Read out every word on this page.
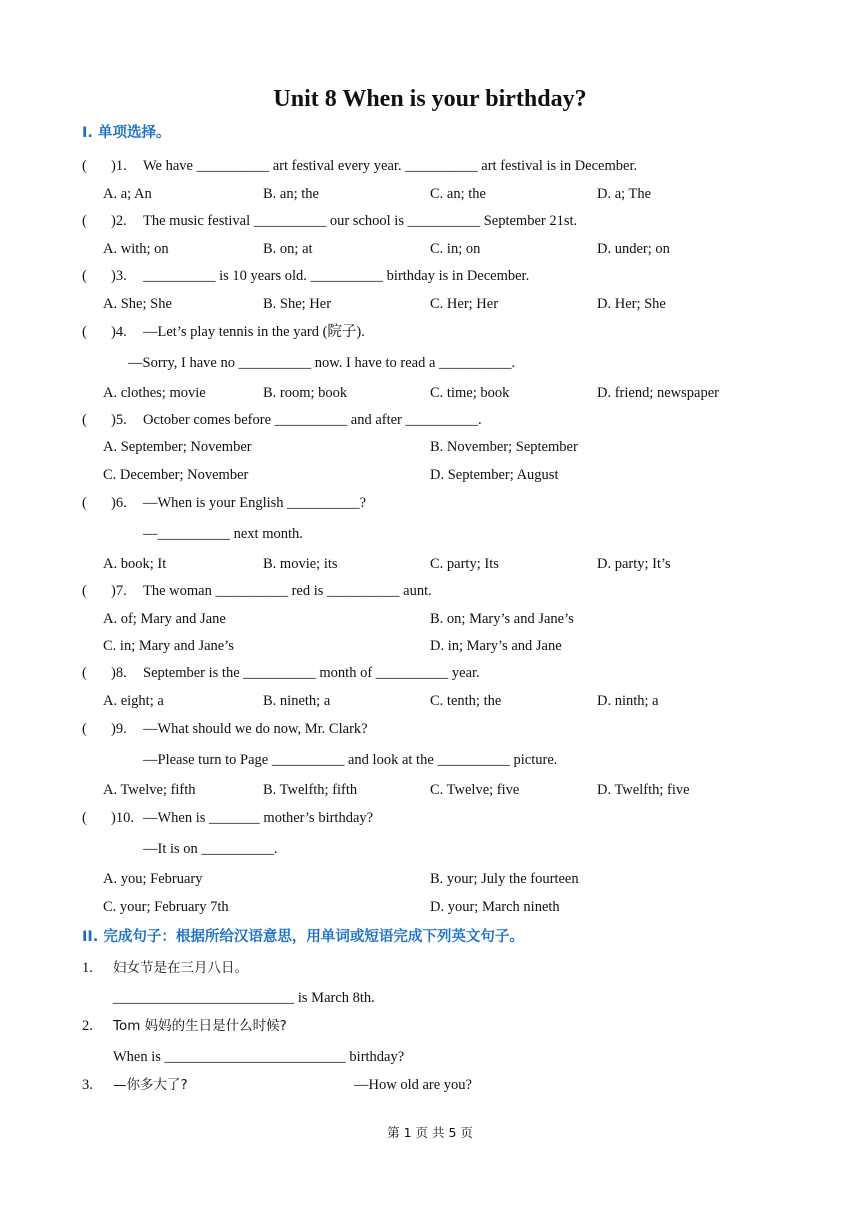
Unit 8 When is your birthday?
I. 单项选择。
( )1. We have __________ art festival every year. __________ art festival is in December.
A. a; An	B. an; the	C. an; the	D. a; The
( )2. The music festival __________ our school is __________ September 21st.
A. with; on	B. on; at	C. in; on	D. under; on
( )3. __________ is 10 years old. __________ birthday is in December.
A. She; She	B. She; Her	C. Her; Her	D. Her; She
( )4. —Let’s play tennis in the yard (院子).
—Sorry, I have no __________ now. I have to read a __________.
A. clothes; movie	B. room; book	C. time; book	D. friend; newspaper
( )5. October comes before __________ and after __________.
A. September; November	B. November; September
C. December; November	D. September; August
( )6. —When is your English __________?
—__________ next month.
A. book; It	B. movie; its	C. party; Its	D. party; It’s
( )7. The woman __________ red is __________ aunt.
A. of; Mary and Jane	B. on; Mary’s and Jane’s
C. in; Mary and Jane’s	D. in; Mary’s and Jane
( )8. September is the __________ month of __________ year.
A. eight; a	B. nineth; a	C. tenth; the	D. ninth; a
( )9. —What should we do now, Mr. Clark?
—Please turn to Page __________ and look at the __________ picture.
A. Twelve; fifth	B. Twelfth; fifth	C. Twelve; five	D. Twelfth; five
( )10. —When is _______ mother’s birthday?
—It is on __________.
A. you; February	B. your; July the fourteen
C. your; February 7th	D. your; March nineth
II. 完成句子：根据所给汉语意思，用单词或短语完成下列英文句子。
1. 妇女节是在三月八日。
_________________________ is March 8th.
2. Tom 妈妈的生日是什么时候?
When is _________________________ birthday?
3. —你多大了?	—How old are you?
第 1 页 共 5 页
